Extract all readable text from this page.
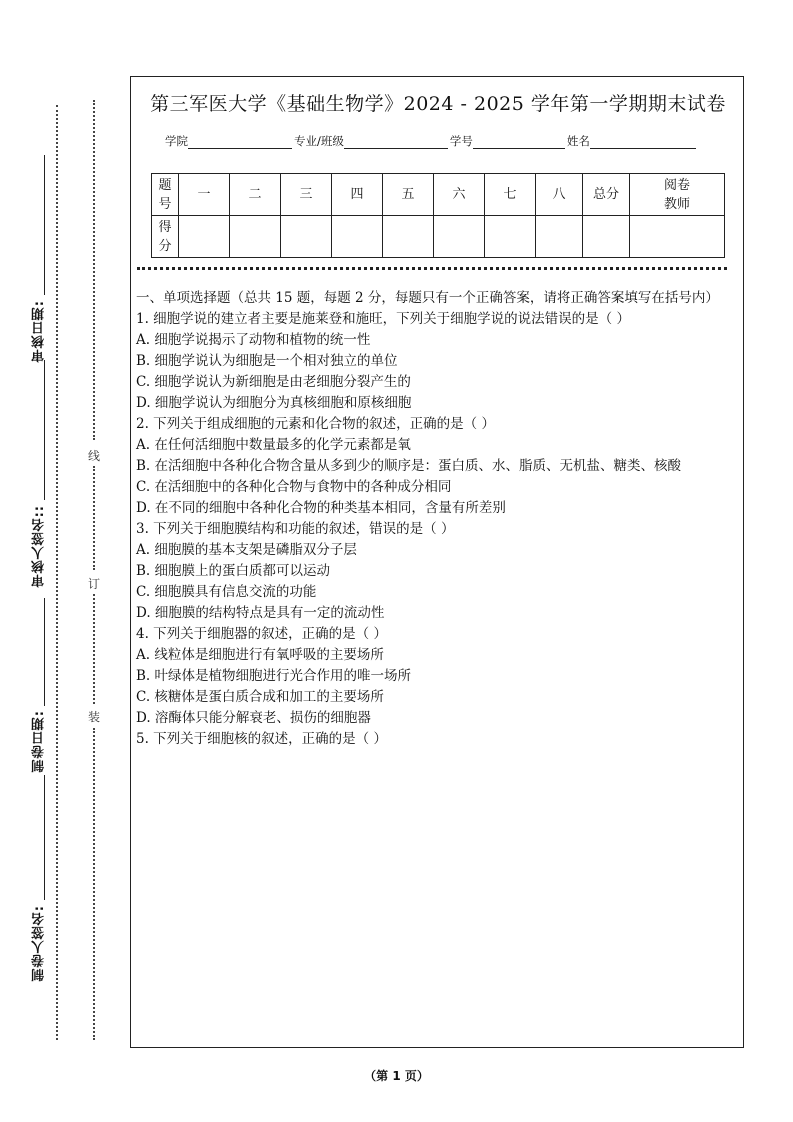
审核日期:
审核人签名::
制卷日期:
制卷人签名:
线
订
装
第三军医大学《基础生物学》2024 - 2025 学年第一学期期末试卷
学院	专业/班级	学号	姓名
题号	一	二	三	四	五	六	七	八	总分	阅卷教师

得分										

一、单项选择题（总共 15 题，每题 2 分，每题只有一个正确答案，请将正确答案填写在括号内）

1. 细胞学说的建立者主要是施莱登和施旺，下列关于细胞学说的说法错误的是（ ）

A. 细胞学说揭示了动物和植物的统一性

B. 细胞学说认为细胞是一个相对独立的单位

C. 细胞学说认为新细胞是由老细胞分裂产生的

D. 细胞学说认为细胞分为真核细胞和原核细胞

2. 下列关于组成细胞的元素和化合物的叙述，正确的是（ ）

A. 在任何活细胞中数量最多的化学元素都是氧

B. 在活细胞中各种化合物含量从多到少的顺序是：蛋白质、水、脂质、无机盐、糖类、核酸

C. 在活细胞中的各种化合物与食物中的各种成分相同

D. 在不同的细胞中各种化合物的种类基本相同，含量有所差别

3. 下列关于细胞膜结构和功能的叙述，错误的是（ ）

A. 细胞膜的基本支架是磷脂双分子层

B. 细胞膜上的蛋白质都可以运动

C. 细胞膜具有信息交流的功能

D. 细胞膜的结构特点是具有一定的流动性

4. 下列关于细胞器的叙述，正确的是（ ）

A. 线粒体是细胞进行有氧呼吸的主要场所

B. 叶绿体是植物细胞进行光合作用的唯一场所

C. 核糖体是蛋白质合成和加工的主要场所

D. 溶酶体只能分解衰老、损伤的细胞器

5. 下列关于细胞核的叙述，正确的是（ ）

（第 1 页）
